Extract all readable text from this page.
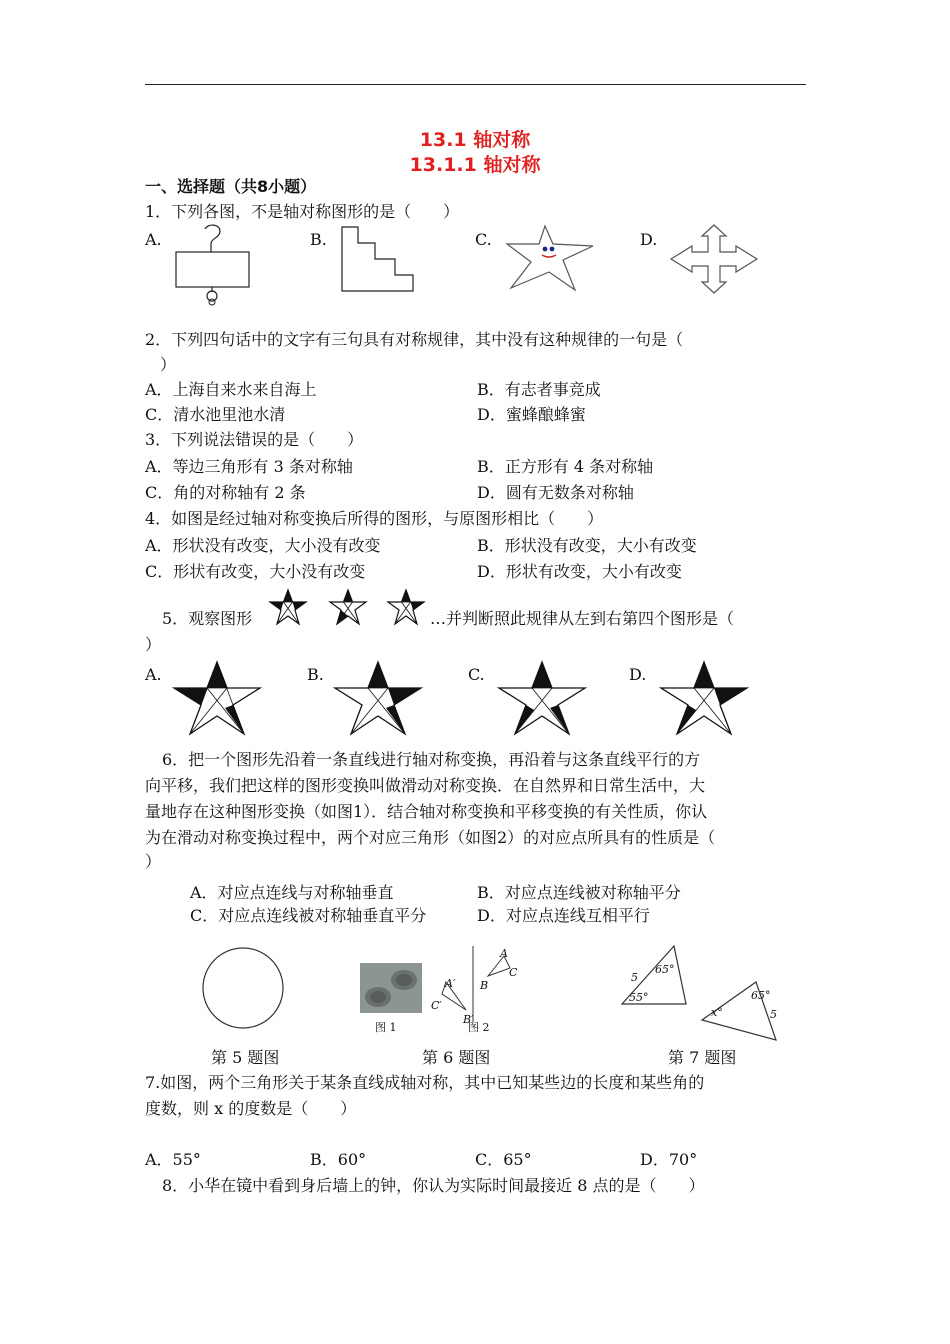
13.1 轴对称
13.1.1 轴对称
一、选择题（共8小题）
1．下列各图，不是轴对称图形的是（　　）
A.	B.	C.	D.
2．下列四句话中的文字有三句具有对称规律，其中没有这种规律的一句是（
）
A．上海自来水来自海上	B．有志者事竞成
C．清水池里池水清	D．蜜蜂酿蜂蜜
3．下列说法错误的是（　　）
A．等边三角形有 3 条对称轴	B．正方形有 4 条对称轴
C．角的对称轴有 2 条	D．圆有无数条对称轴
4．如图是经过轴对称变换后所得的图形，与原图形相比（　　）
A．形状没有改变，大小没有改变	B．形状没有改变，大小有改变
C．形状有改变，大小没有改变	D．形状有改变，大小有改变
5．观察图形	…并判断照此规律从左到右第四个图形是（
）
A.	B.	C.	D.
6．把一个图形先沿着一条直线进行轴对称变换，再沿着与这条直线平行的方
向平移，我们把这样的图形变换叫做滑动对称变换．在自然界和日常生活中，大
量地存在这种图形变换（如图1）．结合轴对称变换和平移变换的有关性质，你认
为在滑动对称变换过程中，两个对应三角形（如图2）的对应点所具有的性质是（
）
A．对应点连线与对称轴垂直	B．对应点连线被对称轴平分
C．对应点连线被对称轴垂直平分	D．对应点连线互相平行
图 1
A
C
B
A′
C′
B′
图 2
5
65°
55°	65°
x°	5
第 5 题图	第 6 题图	第 7 题图
7.如图，两个三角形关于某条直线成轴对称，其中已知某些边的长度和某些角的
度数，则 x 的度数是（　　）
A．55°	B．60°	C．65°	D．70°
8．小华在镜中看到身后墙上的钟，你认为实际时间最接近 8 点的是（　　）
